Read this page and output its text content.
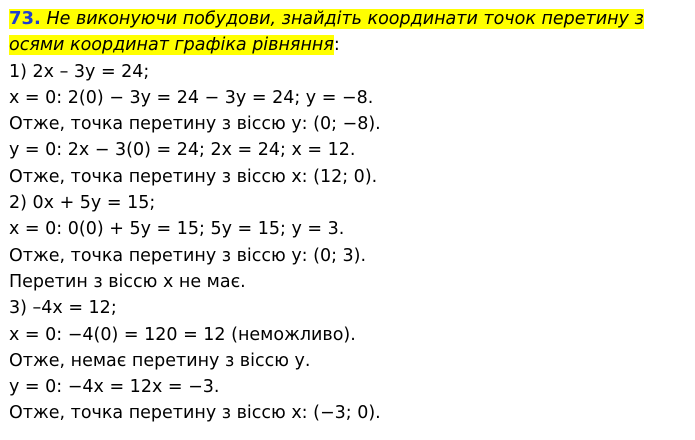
73. Не виконуючи побудови, знайдіть координати точок перетину з осями координат графіка рівняння:

1) 2x – 3y = 24;

x = 0: 2(0) − 3y = 24 − 3y = 24; y = −8.

Отже, точка перетину з віссю у: (0; −8).

y = 0: 2x − 3(0) = 24; 2x = 24; x = 12.

Отже, точка перетину з віссю х: (12; 0).

2) 0x + 5y = 15;

x = 0: 0(0) + 5y = 15; 5y = 15; y = 3.

Отже, точка перетину з віссю у: (0; 3).

Перетин з віссю х не має.

3) –4x = 12;

x = 0: −4(0) = 120 = 12 (неможливо).

Отже, немає перетину з віссю у.

y = 0: −4x = 12x = −3.

Отже, точка перетину з віссю х: (−3; 0).
